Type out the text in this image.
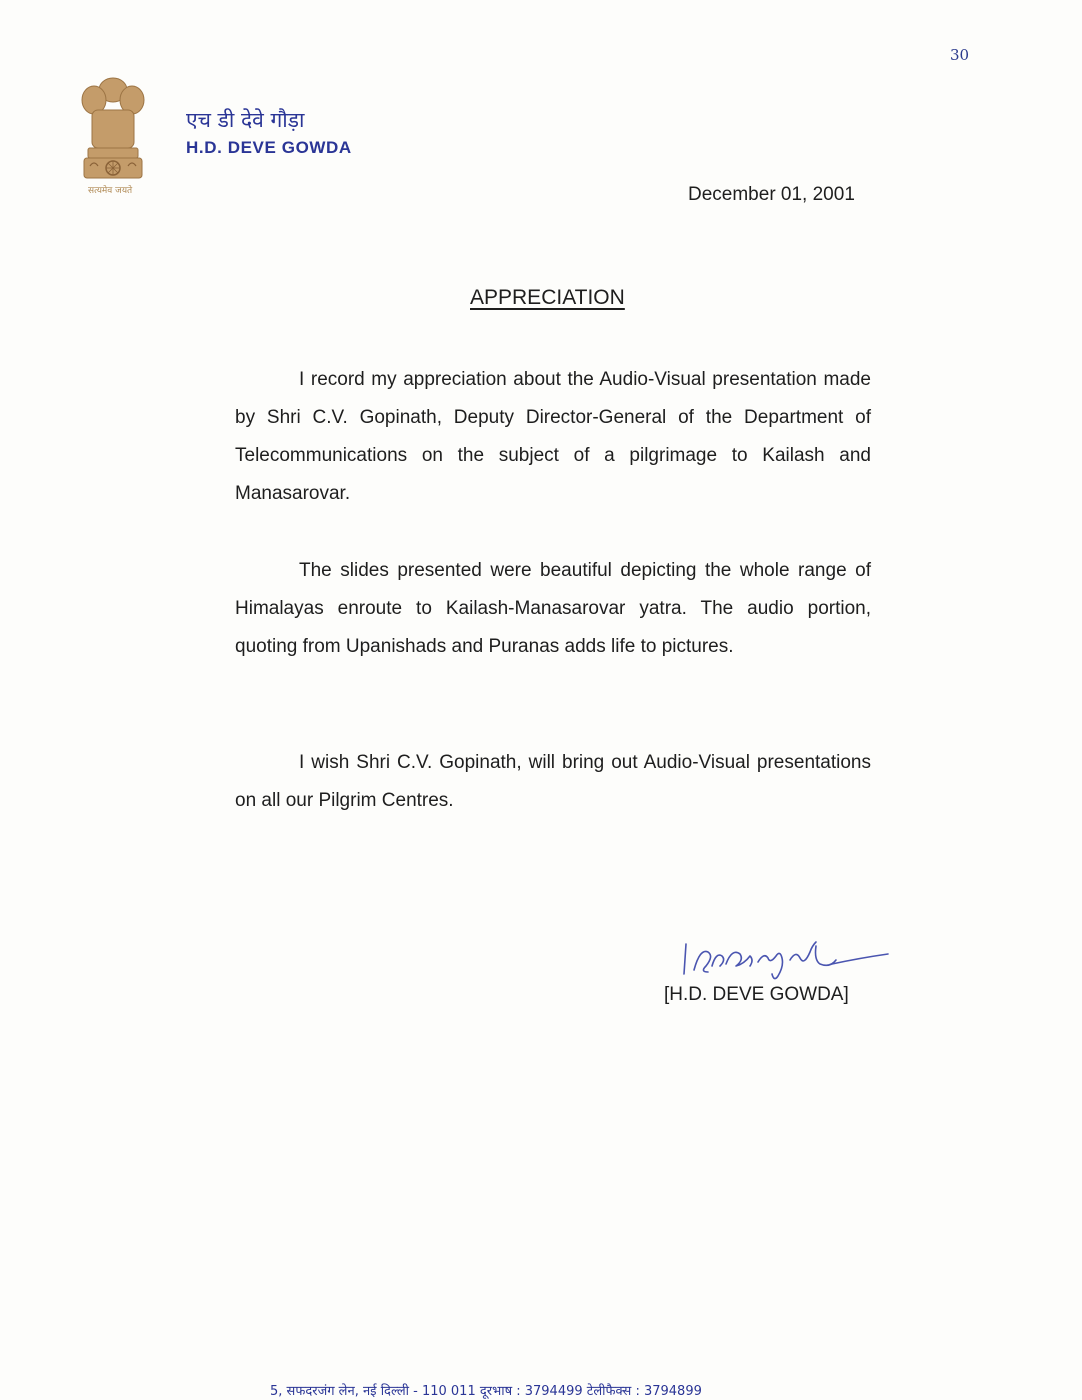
30
सत्यमेव जयते
एच डी देवे गौड़ा
H.D. DEVE GOWDA
December 01, 2001
APPRECIATION

I record my appreciation about the Audio-Visual presentation made by Shri C.V. Gopinath, Deputy Director-General of the Department of Telecommunications on the subject of a pilgrimage to Kailash and Manasarovar.

The slides presented were beautiful depicting the whole range of Himalayas enroute to Kailash-Manasarovar yatra. The audio portion, quoting from Upanishads and Puranas adds life to pictures.

I wish Shri C.V. Gopinath, will bring out Audio-Visual presentations on all our Pilgrim Centres.

[H.D. DEVE GOWDA]
5, सफदरजंग लेन, नई दिल्ली - 110 011 दूरभाष : 3794499 टेलीफैक्स : 3794899
